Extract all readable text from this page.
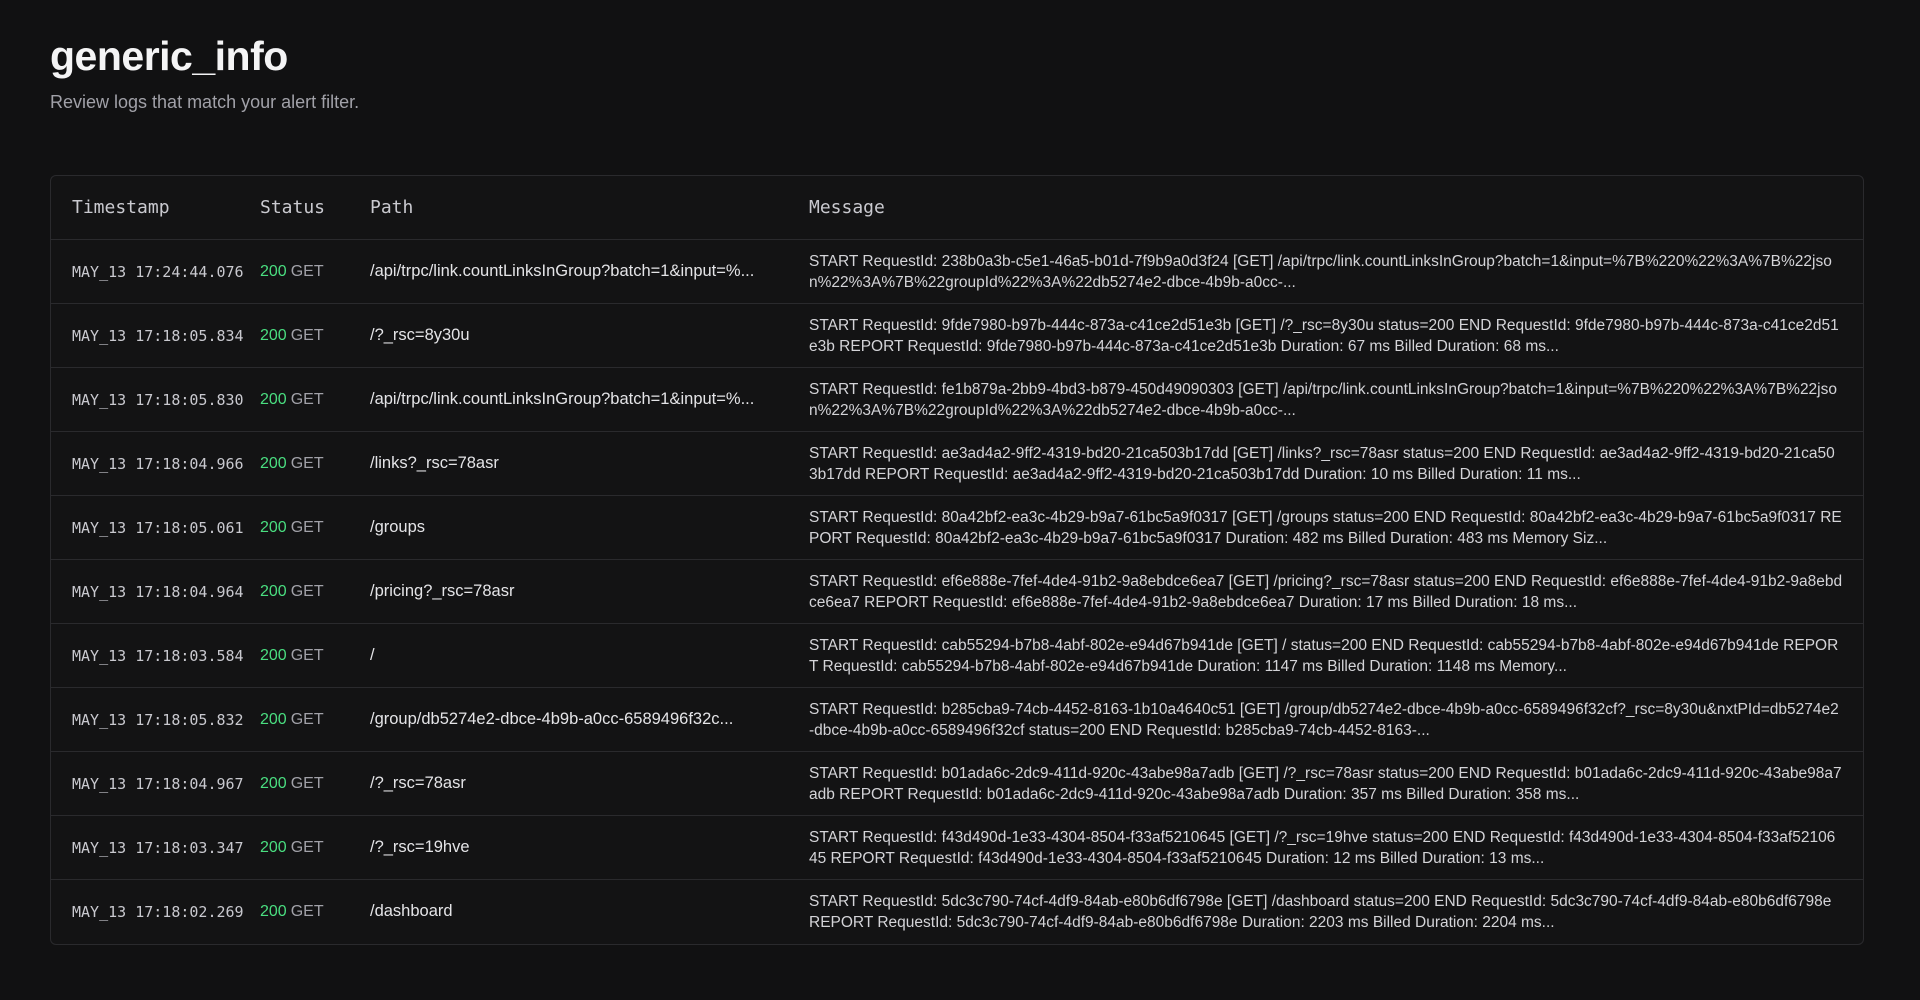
generic_info

Review logs that match your alert filter.

Timestamp	Status	Path	Message
MAY_13 17:24:44.076	200 GET	/api/trpc/link.countLinksInGroup?batch=1&input=%...	START RequestId: 238b0a3b-c5e1-46a5-b01d-7f9b9a0d3f24 [GET] /api/trpc/link.countLinksInGroup?batch=1&input=%7B%220%22%3A%7B%22json%22%3A%7B%22groupId%22%3A%22db5274e2-dbce-4b9b-a0cc-...

MAY_13 17:18:05.834	200 GET	/?_rsc=8y30u	START RequestId: 9fde7980-b97b-444c-873a-c41ce2d51e3b [GET] /?_rsc=8y30u status=200 END RequestId: 9fde7980-b97b-444c-873a-c41ce2d51e3b REPORT RequestId: 9fde7980-b97b-444c-873a-c41ce2d51e3b Duration: 67 ms Billed Duration: 68 ms...

MAY_13 17:18:05.830	200 GET	/api/trpc/link.countLinksInGroup?batch=1&input=%...	START RequestId: fe1b879a-2bb9-4bd3-b879-450d49090303 [GET] /api/trpc/link.countLinksInGroup?batch=1&input=%7B%220%22%3A%7B%22json%22%3A%7B%22groupId%22%3A%22db5274e2-dbce-4b9b-a0cc-...

MAY_13 17:18:04.966	200 GET	/links?_rsc=78asr	START RequestId: ae3ad4a2-9ff2-4319-bd20-21ca503b17dd [GET] /links?_rsc=78asr status=200 END RequestId: ae3ad4a2-9ff2-4319-bd20-21ca503b17dd REPORT RequestId: ae3ad4a2-9ff2-4319-bd20-21ca503b17dd Duration: 10 ms Billed Duration: 11 ms...

MAY_13 17:18:05.061	200 GET	/groups	START RequestId: 80a42bf2-ea3c-4b29-b9a7-61bc5a9f0317 [GET] /groups status=200 END RequestId: 80a42bf2-ea3c-4b29-b9a7-61bc5a9f0317 REPORT RequestId: 80a42bf2-ea3c-4b29-b9a7-61bc5a9f0317 Duration: 482 ms Billed Duration: 483 ms Memory Siz...

MAY_13 17:18:04.964	200 GET	/pricing?_rsc=78asr	START RequestId: ef6e888e-7fef-4de4-91b2-9a8ebdce6ea7 [GET] /pricing?_rsc=78asr status=200 END RequestId: ef6e888e-7fef-4de4-91b2-9a8ebdce6ea7 REPORT RequestId: ef6e888e-7fef-4de4-91b2-9a8ebdce6ea7 Duration: 17 ms Billed Duration: 18 ms...

MAY_13 17:18:03.584	200 GET	/	START RequestId: cab55294-b7b8-4abf-802e-e94d67b941de [GET] / status=200 END RequestId: cab55294-b7b8-4abf-802e-e94d67b941de REPORT RequestId: cab55294-b7b8-4abf-802e-e94d67b941de Duration: 1147 ms Billed Duration: 1148 ms Memory...

MAY_13 17:18:05.832	200 GET	/group/db5274e2-dbce-4b9b-a0cc-6589496f32c...	START RequestId: b285cba9-74cb-4452-8163-1b10a4640c51 [GET] /group/db5274e2-dbce-4b9b-a0cc-6589496f32cf?_rsc=8y30u&nxtPId=db5274e2-dbce-4b9b-a0cc-6589496f32cf status=200 END RequestId: b285cba9-74cb-4452-8163-...

MAY_13 17:18:04.967	200 GET	/?_rsc=78asr	START RequestId: b01ada6c-2dc9-411d-920c-43abe98a7adb [GET] /?_rsc=78asr status=200 END RequestId: b01ada6c-2dc9-411d-920c-43abe98a7adb REPORT RequestId: b01ada6c-2dc9-411d-920c-43abe98a7adb Duration: 357 ms Billed Duration: 358 ms...

MAY_13 17:18:03.347	200 GET	/?_rsc=19hve	START RequestId: f43d490d-1e33-4304-8504-f33af5210645 [GET] /?_rsc=19hve status=200 END RequestId: f43d490d-1e33-4304-8504-f33af5210645 REPORT RequestId: f43d490d-1e33-4304-8504-f33af5210645 Duration: 12 ms Billed Duration: 13 ms...

MAY_13 17:18:02.269	200 GET	/dashboard	START RequestId: 5dc3c790-74cf-4df9-84ab-e80b6df6798e [GET] /dashboard status=200 END RequestId: 5dc3c790-74cf-4df9-84ab-e80b6df6798e REPORT RequestId: 5dc3c790-74cf-4df9-84ab-e80b6df6798e Duration: 2203 ms Billed Duration: 2204 ms...
